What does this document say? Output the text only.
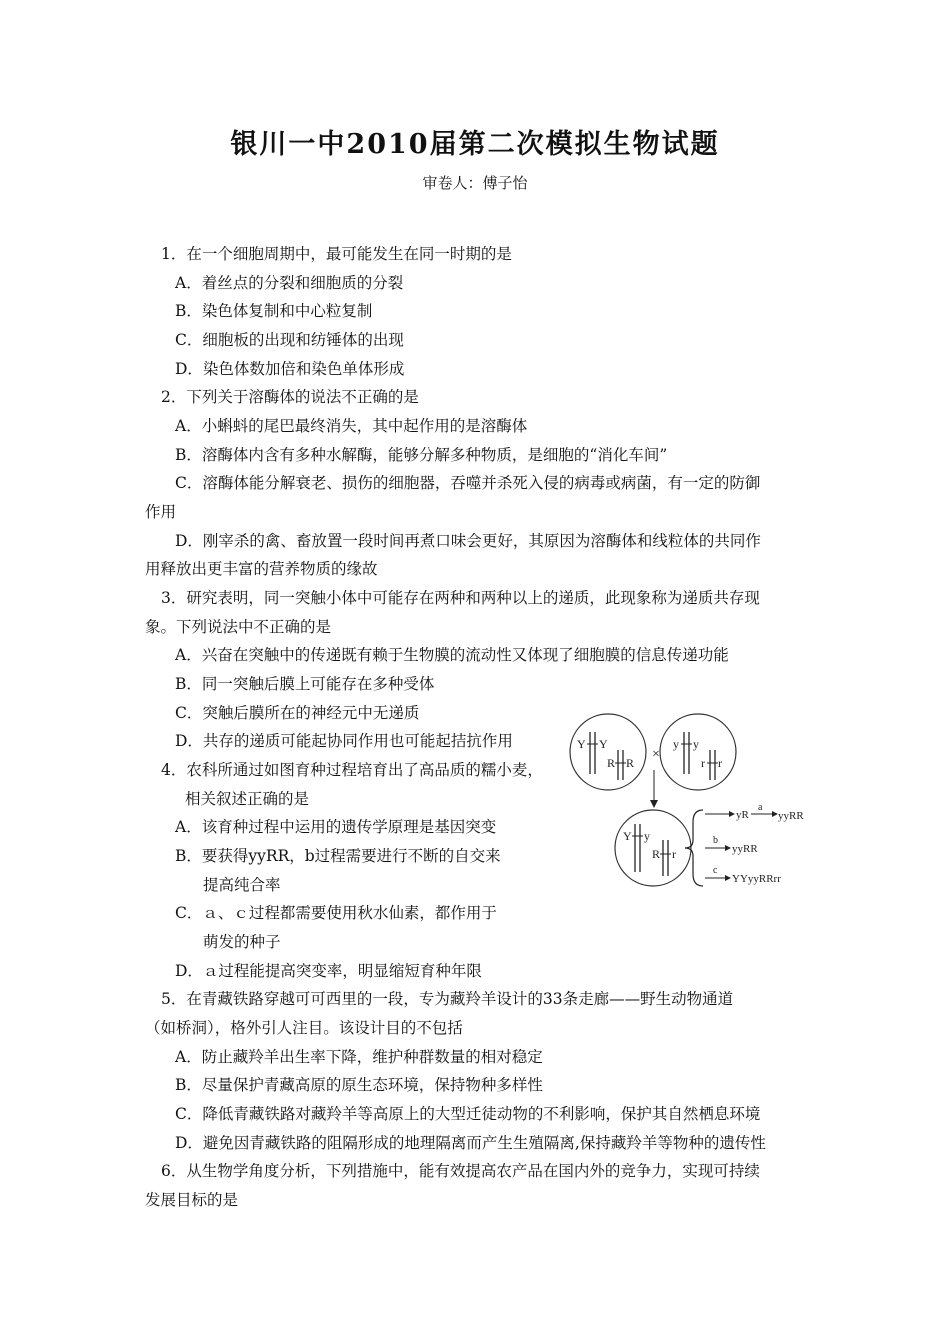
银川一中2010届第二次模拟生物试题
审卷人：傅子怡
1．在一个细胞周期中，最可能发生在同一时期的是
A．着丝点的分裂和细胞质的分裂
B．染色体复制和中心粒复制
C．细胞板的出现和纺锤体的出现
D．染色体数加倍和染色单体形成
2．下列关于溶酶体的说法不正确的是
A．小蝌蚪的尾巴最终消失，其中起作用的是溶酶体
B．溶酶体内含有多种水解酶，能够分解多种物质，是细胞的“消化车间”
C．溶酶体能分解衰老、损伤的细胞器，吞噬并杀死入侵的病毒或病菌，有一定的防御
作用
D．刚宰杀的禽、畜放置一段时间再煮口味会更好，其原因为溶酶体和线粒体的共同作
用释放出更丰富的营养物质的缘故
3．研究表明，同一突触小体中可能存在两种和两种以上的递质，此现象称为递质共存现
象。下列说法中不正确的是
A．兴奋在突触中的传递既有赖于生物膜的流动性又体现了细胞膜的信息传递功能
B．同一突触后膜上可能存在多种受体
C．突触后膜所在的神经元中无递质
D．共存的递质可能起协同作用也可能起拮抗作用
4．农科所通过如图育种过程培育出了高品质的糯小麦，
相关叙述正确的是
A．该育种过程中运用的遗传学原理是基因突变
B．要获得yyRR，b过程需要进行不断的自交来
提高纯合率
C．ａ、ｃ过程都需要使用秋水仙素，都作用于
萌发的种子
D．ａ过程能提高突变率，明显缩短育种年限
5．在青藏铁路穿越可可西里的一段，专为藏羚羊设计的33条走廊——野生动物通道
（如桥洞），格外引人注目。该设计目的不包括
A．防止藏羚羊出生率下降，维护种群数量的相对稳定
B．尽量保护青藏高原的原生态环境，保持物种多样性
C．降低青藏铁路对藏羚羊等高原上的大型迁徒动物的不利影响，保护其自然栖息环境
D．避免因青藏铁路的阻隔形成的地理隔离而产生生殖隔离,保持藏羚羊等物种的遗传性
6．从生物学角度分析，下列措施中，能有效提高农产品在国内外的竞争力，实现可持续
发展目标的是
Y Y
R R
×
y y
r r
Y y
R r
yR
a
yyRR
b
yyRR
c
YYyyRRrr
